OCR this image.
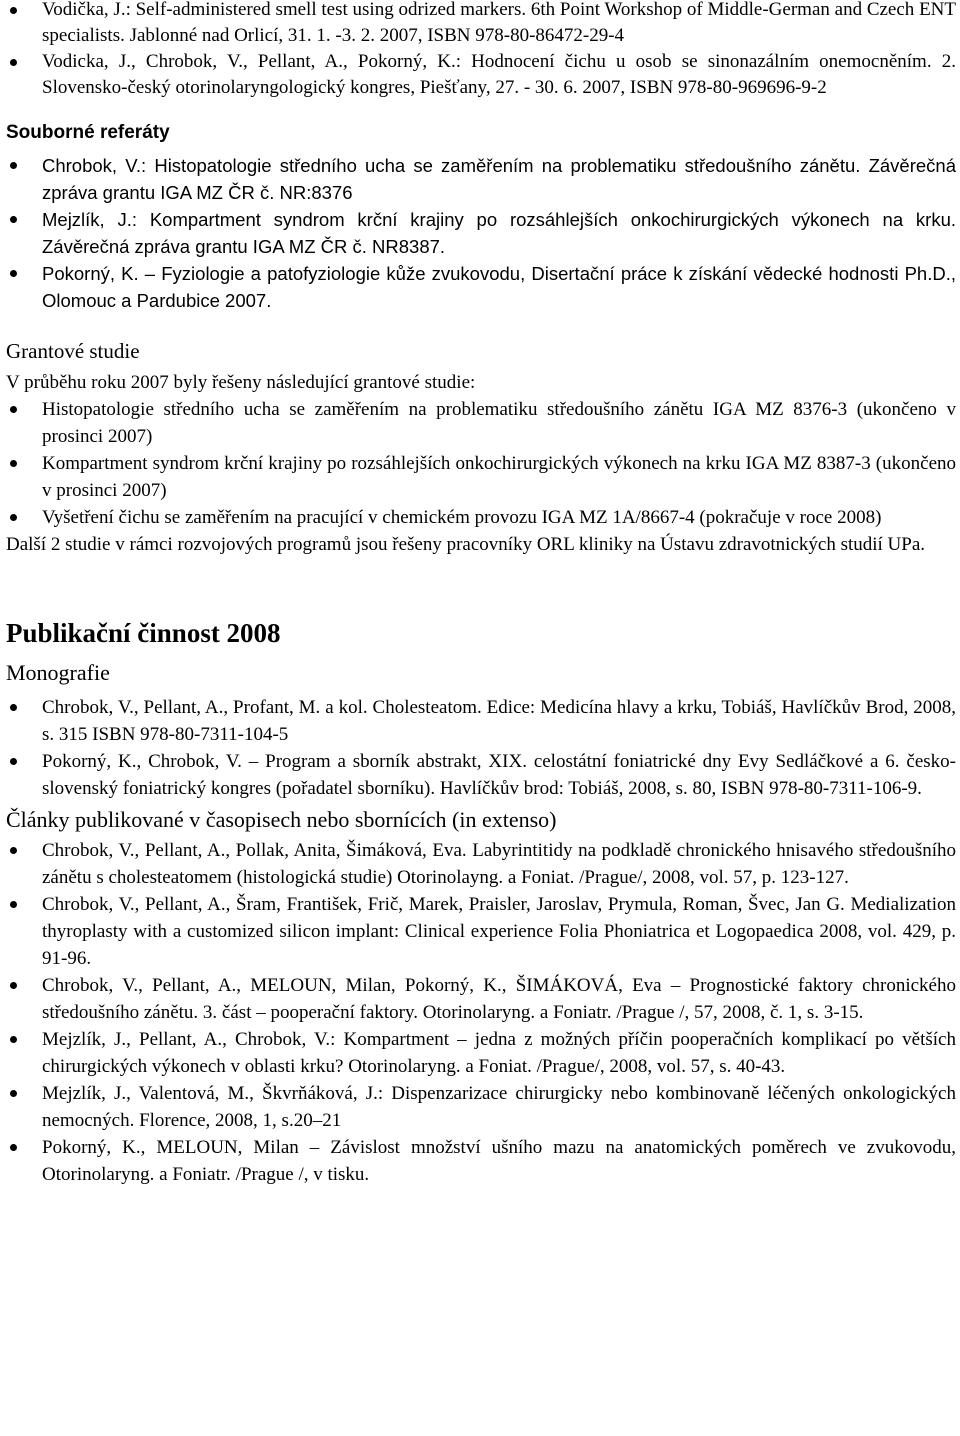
Vodička, J.: Self-administered smell test using odrized markers. 6th Point Workshop of Middle-German and Czech ENT specialists. Jablonné nad Orlicí, 31. 1. -3. 2. 2007, ISBN 978-80-86472-29-4
Vodicka, J., Chrobok, V., Pellant, A., Pokorný, K.: Hodnocení čichu u osob se sinonazálním onemocněním. 2. Slovensko-český otorinolaryngologický kongres, Piešťany, 27. - 30. 6. 2007, ISBN 978-80-969696-9-2
Souborné referáty
Chrobok, V.: Histopatologie středního ucha se zaměřením na problematiku středoušního zánětu. Závěrečná zpráva grantu IGA MZ ČR č. NR:8376
Mejzlík, J.: Kompartment syndrom krční krajiny po rozsáhlejších onkochirurgických výkonech na krku. Závěrečná zpráva grantu IGA MZ ČR č. NR8387.
Pokorný, K. – Fyziologie a patofyziologie kůže zvukovodu, Disertační práce k získání vědecké hodnosti Ph.D., Olomouc a Pardubice 2007.
Grantové studie

V průběhu roku 2007 byly řešeny následující grantové studie:

Histopatologie středního ucha se zaměřením na problematiku středoušního zánětu IGA MZ 8376-3 (ukončeno v prosinci 2007)
Kompartment syndrom krční krajiny po rozsáhlejších onkochirurgických výkonech na krku IGA MZ 8387-3 (ukončeno v prosinci 2007)
Vyšetření čichu se zaměřením na pracující v chemickém provozu IGA MZ 1A/8667-4 (pokračuje v roce 2008)

Další 2 studie v rámci rozvojových programů jsou řešeny pracovníky ORL kliniky na Ústavu zdravotnických studií UPa.

Publikační činnost 2008
Monografie
Chrobok, V., Pellant, A., Profant, M. a kol. Cholesteatom. Edice: Medicína hlavy a krku, Tobiáš, Havlíčkův Brod, 2008, s. 315 ISBN 978-80-7311-104-5
Pokorný, K., Chrobok, V. – Program a sborník abstrakt, XIX. celostátní foniatrické dny Evy Sedláčkové a 6. česko-slovenský foniatrický kongres (pořadatel sborníku). Havlíčkův brod: Tobiáš, 2008, s. 80, ISBN 978-80-7311-106-9.
Články publikované v časopisech nebo sbornících (in extenso)
Chrobok, V., Pellant, A., Pollak, Anita, Šimáková, Eva. Labyrintitidy na podkladě chronického hnisavého středoušního zánětu s cholesteatomem (histologická studie) Otorinolayng. a Foniat. /Prague/, 2008, vol. 57, p. 123-127.
Chrobok, V., Pellant, A., Šram, František, Frič, Marek, Praisler, Jaroslav, Prymula, Roman, Švec, Jan G. Medialization thyroplasty with a customized silicon implant: Clinical experience Folia Phoniatrica et Logopaedica 2008, vol. 429, p. 91-96.
Chrobok, V., Pellant, A., MELOUN, Milan, Pokorný, K., ŠIMÁKOVÁ, Eva – Prognostické faktory chronického středoušního zánětu. 3. část – pooperační faktory. Otorinolaryng. a Foniatr. /Prague /, 57, 2008, č. 1, s. 3-15.
Mejzlík, J., Pellant, A., Chrobok, V.: Kompartment – jedna z možných příčin pooperačních komplikací po větších chirurgických výkonech v oblasti krku? Otorinolaryng. a Foniat. /Prague/, 2008, vol. 57, s. 40-43.
Mejzlík, J., Valentová, M., Škvrňáková, J.: Dispenzarizace chirurgicky nebo kombinovaně léčených onkologických nemocných. Florence, 2008, 1, s.20–21
Pokorný, K., MELOUN, Milan – Závislost množství ušního mazu na anatomických poměrech ve zvukovodu, Otorinolaryng. a Foniatr. /Prague /, v tisku.
